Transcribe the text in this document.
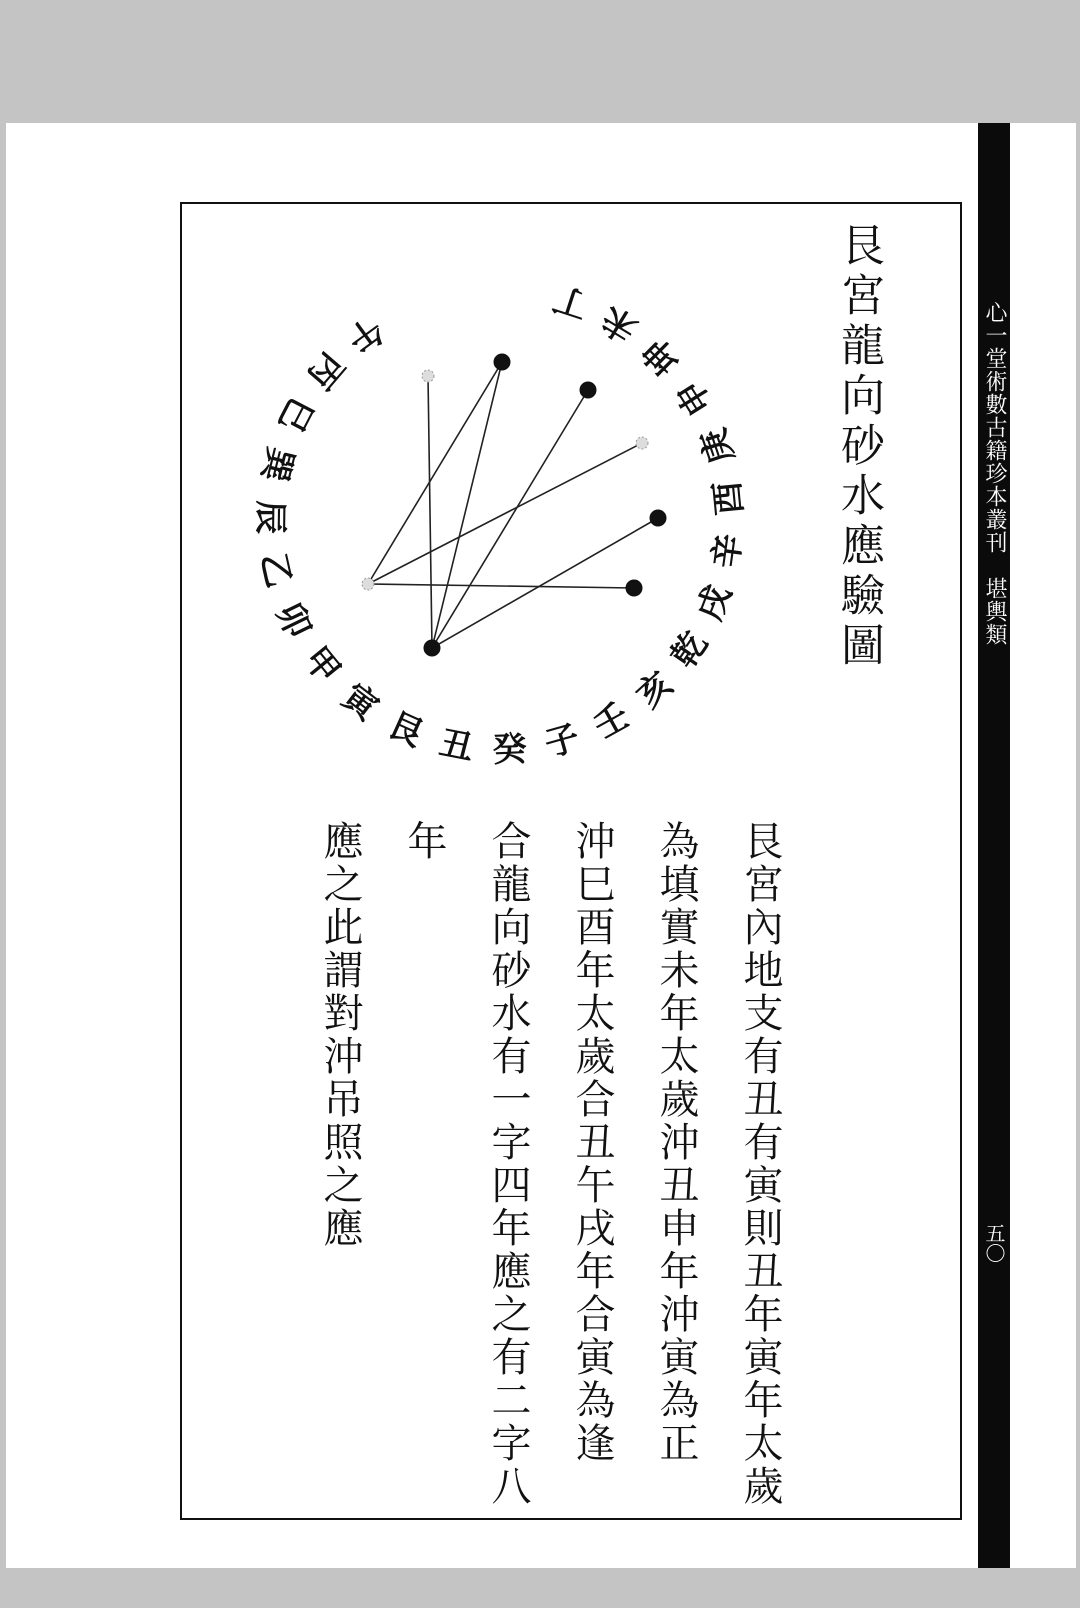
心一堂術數古籍珍本叢刊　堪輿類
五〇
艮宮龍向砂水應驗圖
丁 未
坤
申
庚
酉
辛
戌
乾
亥
壬
子
癸
丑
艮
寅
甲
卯
乙
辰
巽
巳
丙
午
艮宮內地支有丑有寅則丑年寅年太歲
為填實未年太歲沖丑申年沖寅為正
沖巳酉年太歲合丑午戌年合寅為逢
合龍向砂水有一字四年應之有二字八年
應之此謂對沖吊照之應
